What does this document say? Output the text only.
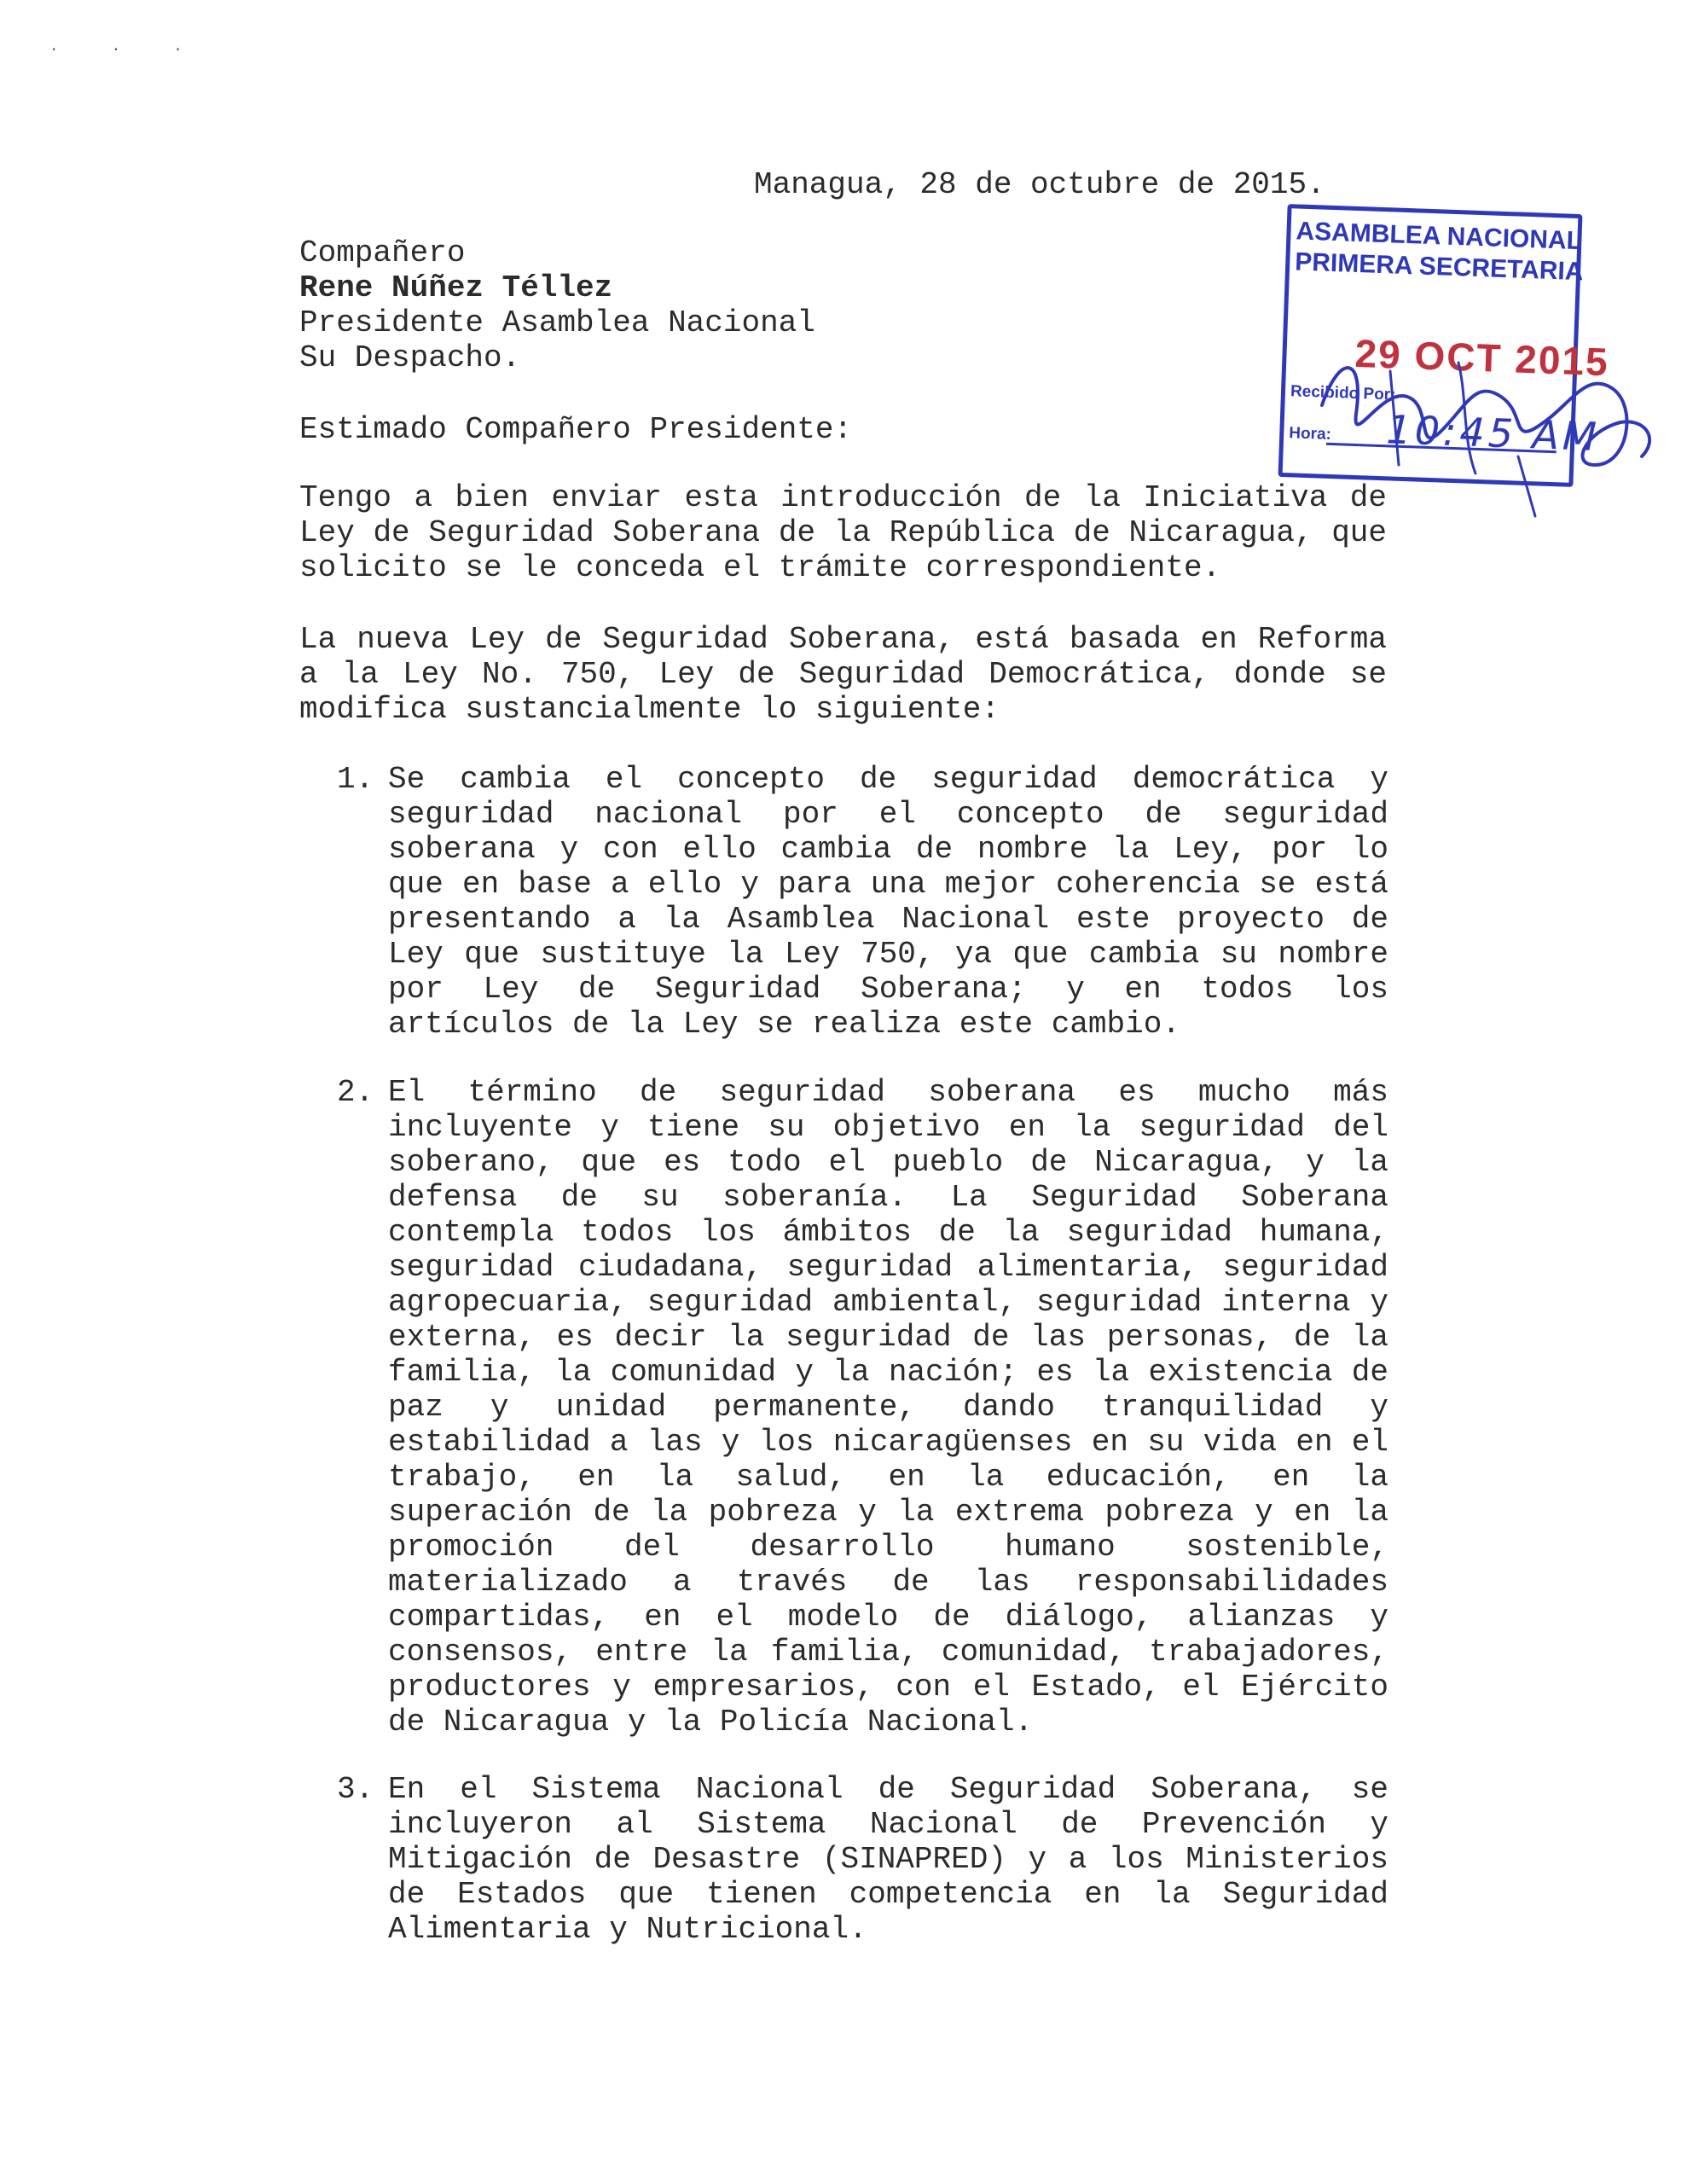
· · ·
Managua, 28 de octubre de 2015.
Compañero
Rene Núñez Téllez
Presidente Asamblea Nacional
Su Despacho.
Estimado Compañero Presidente:
Tengo a bien enviar esta introducción de la Iniciativa de Ley de Seguridad Soberana de la República de Nicaragua, que solicito se le conceda el trámite correspondiente.
La nueva Ley de Seguridad Soberana, está basada en Reforma a la Ley No. 750, Ley de Seguridad Democrática, donde se modifica sustancialmente lo siguiente:
1. Se cambia el concepto de seguridad democrática y seguridad nacional por el concepto de seguridad soberana y con ello cambia de nombre la Ley, por lo que en base a ello y para una mejor coherencia se está presentando a la Asamblea Nacional este proyecto de Ley que sustituye la Ley 750, ya que cambia su nombre por Ley de Seguridad Soberana; y en todos los artículos de la Ley se realiza este cambio.
2. El término de seguridad soberana es mucho más incluyente y tiene su objetivo en la seguridad del soberano, que es todo el pueblo de Nicaragua, y la defensa de su soberanía. La Seguridad Soberana contempla todos los ámbitos de la seguridad humana, seguridad ciudadana, seguridad alimentaria, seguridad agropecuaria, seguridad ambiental, seguridad interna y externa, es decir la seguridad de las personas, de la familia, la comunidad y la nación; es la existencia de paz y unidad permanente, dando tranquilidad y estabilidad a las y los nicaragüenses en su vida en el trabajo, en la salud, en la educación, en la superación de la pobreza y la extrema pobreza y en la promoción del desarrollo humano sostenible, materializado a través de las responsabilidades compartidas, en el modelo de diálogo, alianzas y consensos, entre la familia, comunidad, trabajadores, productores y empresarios, con el Estado, el Ejército de Nicaragua y la Policía Nacional.
3. En el Sistema Nacional de Seguridad Soberana, se incluyeron al Sistema Nacional de Prevención y Mitigación de Desastre (SINAPRED) y a los Ministerios de Estados que tienen competencia en la Seguridad Alimentaria y Nutricional.
ASAMBLEA NACIONAL
PRIMERA SECRETARIA
29 OCT 2015
Recibido Por:
Hora: 10:45 AM
